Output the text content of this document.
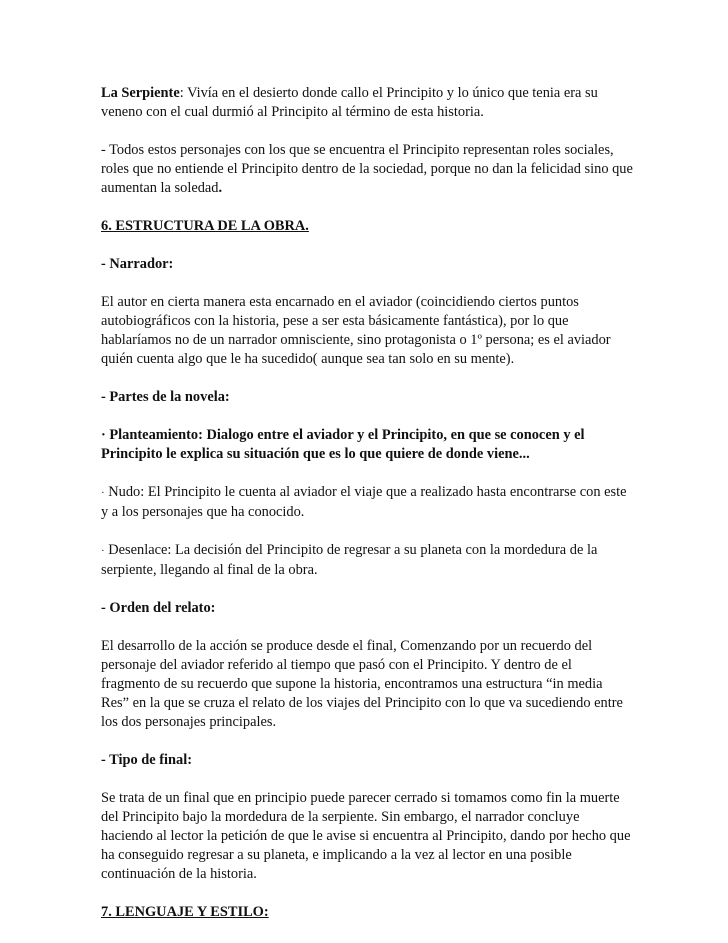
La Serpiente: Vivía en el desierto donde callo el Principito y lo único que tenia era su veneno con el cual durmió al Principito al término de esta historia.

- Todos estos personajes con los que se encuentra el Principito representan roles sociales, roles que no entiende el Principito dentro de la sociedad, porque no dan la felicidad sino que aumentan la soledad.

6. ESTRUCTURA DE LA OBRA.

- Narrador:

El autor en cierta manera esta encarnado en el aviador (coincidiendo ciertos puntos autobiográficos con la historia, pese a ser esta básicamente fantástica), por lo que hablaríamos no de un narrador omnisciente, sino protagonista o 1º persona; es el aviador quién cuenta algo que le ha sucedido( aunque sea tan solo en su mente).

- Partes de la novela:

· Planteamiento: Dialogo entre el aviador y el Principito, en que se conocen y el Principito le explica su situación que es lo que quiere de donde viene...

· Nudo: El Principito le cuenta al aviador el viaje que a realizado hasta encontrarse con este y a los personajes que ha conocido.

· Desenlace: La decisión del Principito de regresar a su planeta con la mordedura de la serpiente, llegando al final de la obra.

- Orden del relato:

El desarrollo de la acción se produce desde el final, Comenzando por un recuerdo del personaje del aviador referido al tiempo que pasó con el Principito. Y dentro de el fragmento de su recuerdo que supone la historia, encontramos una estructura “in media Res” en la que se cruza el relato de los viajes del Principito con lo que va sucediendo entre los dos personajes principales.

- Tipo de final:

Se trata de un final que en principio puede parecer cerrado si tomamos como fin la muerte del Principito bajo la mordedura de la serpiente. Sin embargo, el narrador concluye haciendo al lector la petición de que le avise si encuentra al Principito, dando por hecho que ha conseguido regresar a su planeta, e implicando a la vez al lector en una posible continuación de la historia.

7. LENGUAJE Y ESTILO:
